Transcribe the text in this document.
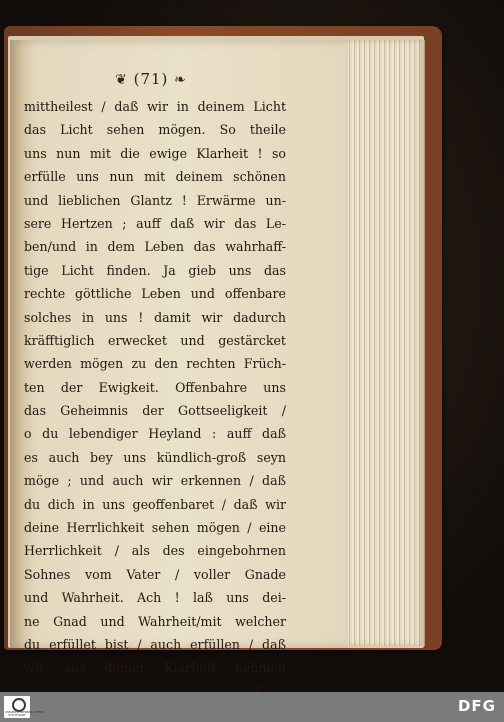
❦ (71) ❧
mittheilest / daß wir in deinem Licht
das Licht sehen mögen. So theile
uns nun mit die ewige Klarheit ! so
erfülle uns nun mit deinem schönen
und lieblichen Glantz ! Erwärme un-
sere Hertzen ; auff daß wir das Le-
ben/und in dem Leben das wahrhaff-
tige Licht finden. Ja gieb uns das
rechte göttliche Leben und offenbare
solches in uns ! damit wir dadurch
kräfftiglich erwecket und gestärcket
werden mögen zu den rechten Früch-
ten der Ewigkeit. Offenbahre uns
das Geheimnis der Gottseeligkeit /
o du lebendiger Heyland : auff daß
es auch bey uns kündlich-groß seyn
möge ; und auch wir erkennen / daß
du dich in uns geoffenbaret / daß wir
deine Herrlichkeit sehen mögen / eine
Herrlichkeit / als des eingebohrnen
Sohnes vom Vater / voller Gnade
und Wahrheit. Ach ! laß uns dei-
ne Gnad und Wahrheit/mit welcher
du erfüllet bist / auch erfüllen / daß
wir aus deiner Klarhait nehmen
UNIVERSITÄTSBIBLIOTHEK STUTTGART	DFG
